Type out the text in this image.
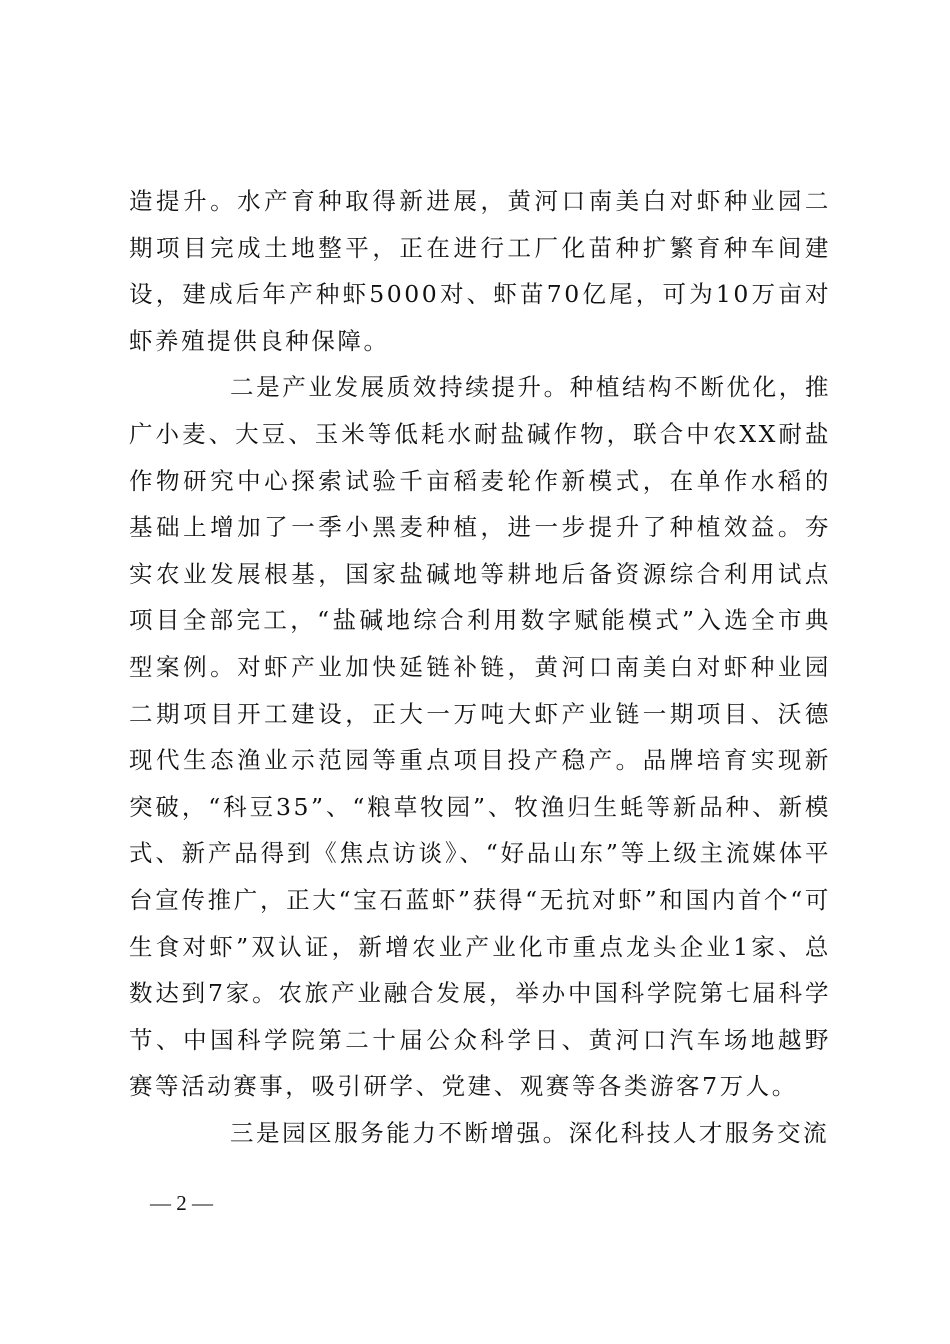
造提升。水产育种取得新进展，黄河口南美白对虾种业园二期项目完成土地整平，正在进行工厂化苗种扩繁育种车间建设，建成后年产种虾5000对、虾苗70亿尾，可为10万亩对虾养殖提供良种保障。

二是产业发展质效持续提升。种植结构不断优化，推广小麦、大豆、玉米等低耗水耐盐碱作物，联合中农XX耐盐作物研究中心探索试验千亩稻麦轮作新模式，在单作水稻的基础上增加了一季小黑麦种植，进一步提升了种植效益。夯实农业发展根基，国家盐碱地等耕地后备资源综合利用试点项目全部完工，“盐碱地综合利用数字赋能模式”入选全市典型案例。对虾产业加快延链补链，黄河口南美白对虾种业园二期项目开工建设，正大一万吨大虾产业链一期项目、沃德现代生态渔业示范园等重点项目投产稳产。品牌培育实现新突破，“科豆35”、“粮草牧园”、牧渔归生蚝等新品种、新模式、新产品得到《焦点访谈》、“好品山东”等上级主流媒体平台宣传推广，正大“宝石蓝虾”获得“无抗对虾”和国内首个“可生食对虾”双认证，新增农业产业化市重点龙头企业1家、总数达到7家。农旅产业融合发展，举办中国科学院第七届科学节、中国科学院第二十届公众科学日、黄河口汽车场地越野赛等活动赛事，吸引研学、党建、观赛等各类游客7万人。

三是园区服务能力不断增强。深化科技人才服务交流

— 2 —
